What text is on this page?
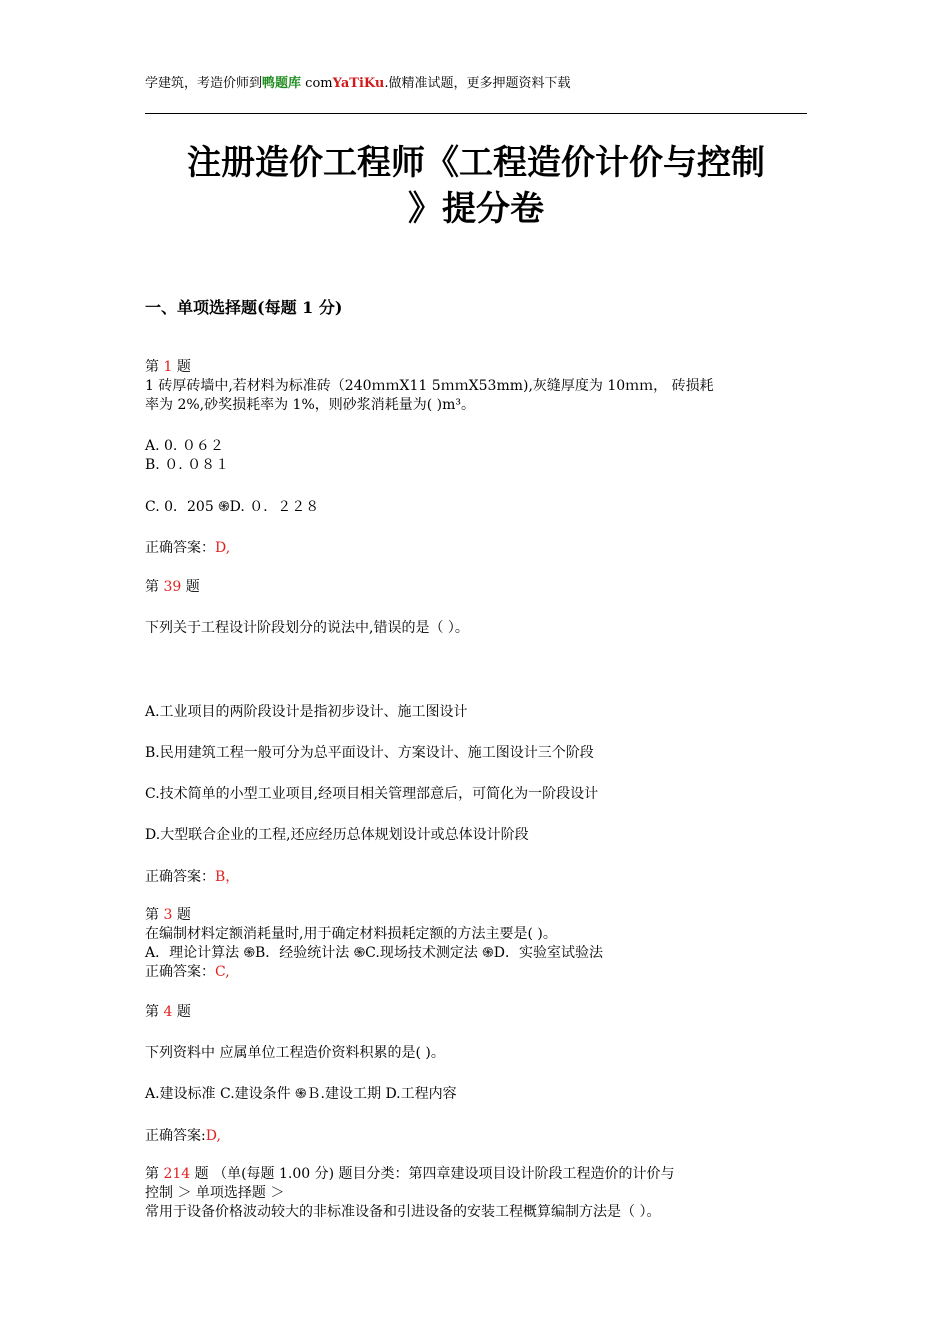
学建筑，考造价师到鸭题库 comYaTiKu.做精准试题，更多押题资料下载
注册造价工程师《工程造价计价与控制
》提分卷
一、单项选择题(每题 1 分)
第 1 题
1 砖厚砖墙中,若材料为标准砖（240ｍｍX11 5ｍｍX53mm),灰缝厚度为 10ｍｍ， 砖损耗
率为 2%,砂奖损耗率为 1%，则砂浆消耗量为( )m³。
A. 0. ０６２
B. ０. ０８１
C. 0．205 ֍D. ０．２２８
正确答案：D,
第 39 题
下列关于工程设计阶段划分的说法中,错误的是（ ）。
A.工业项目的两阶段设计是指初步设计、施工图设计
B.民用建筑工程一般可分为总平面设计、方案设计、施工图设计三个阶段
C.技术简单的小型工业项目,经项目相关管理部意后，可简化为一阶段设计
D.大型联合企业的工程,还应经历总体规划设计或总体设计阶段
正确答案：B，
第 3 题
在编制材料定额消耗量时,用于确定材料损耗定额的方法主要是( )。
A．理论计算法 ֍B．经验统计法 ֍C.现场技术测定法 ֍D．实验室试验法
正确答案：C,
第 4 题
下列资料中 应属单位工程造价资料积累的是( )。
A.建设标准 C.建设条件 ֍Ｂ.建设工期 D.工程内容
正确答案:D,
第 214 题 （单(每题 1.00 分) 题目分类：第四章建设项目设计阶段工程造价的计价与
控制 ＞ 单项选择题 ＞
常用于设备价格波动较大的非标准设备和引进设备的安装工程概算编制方法是（ ）。
